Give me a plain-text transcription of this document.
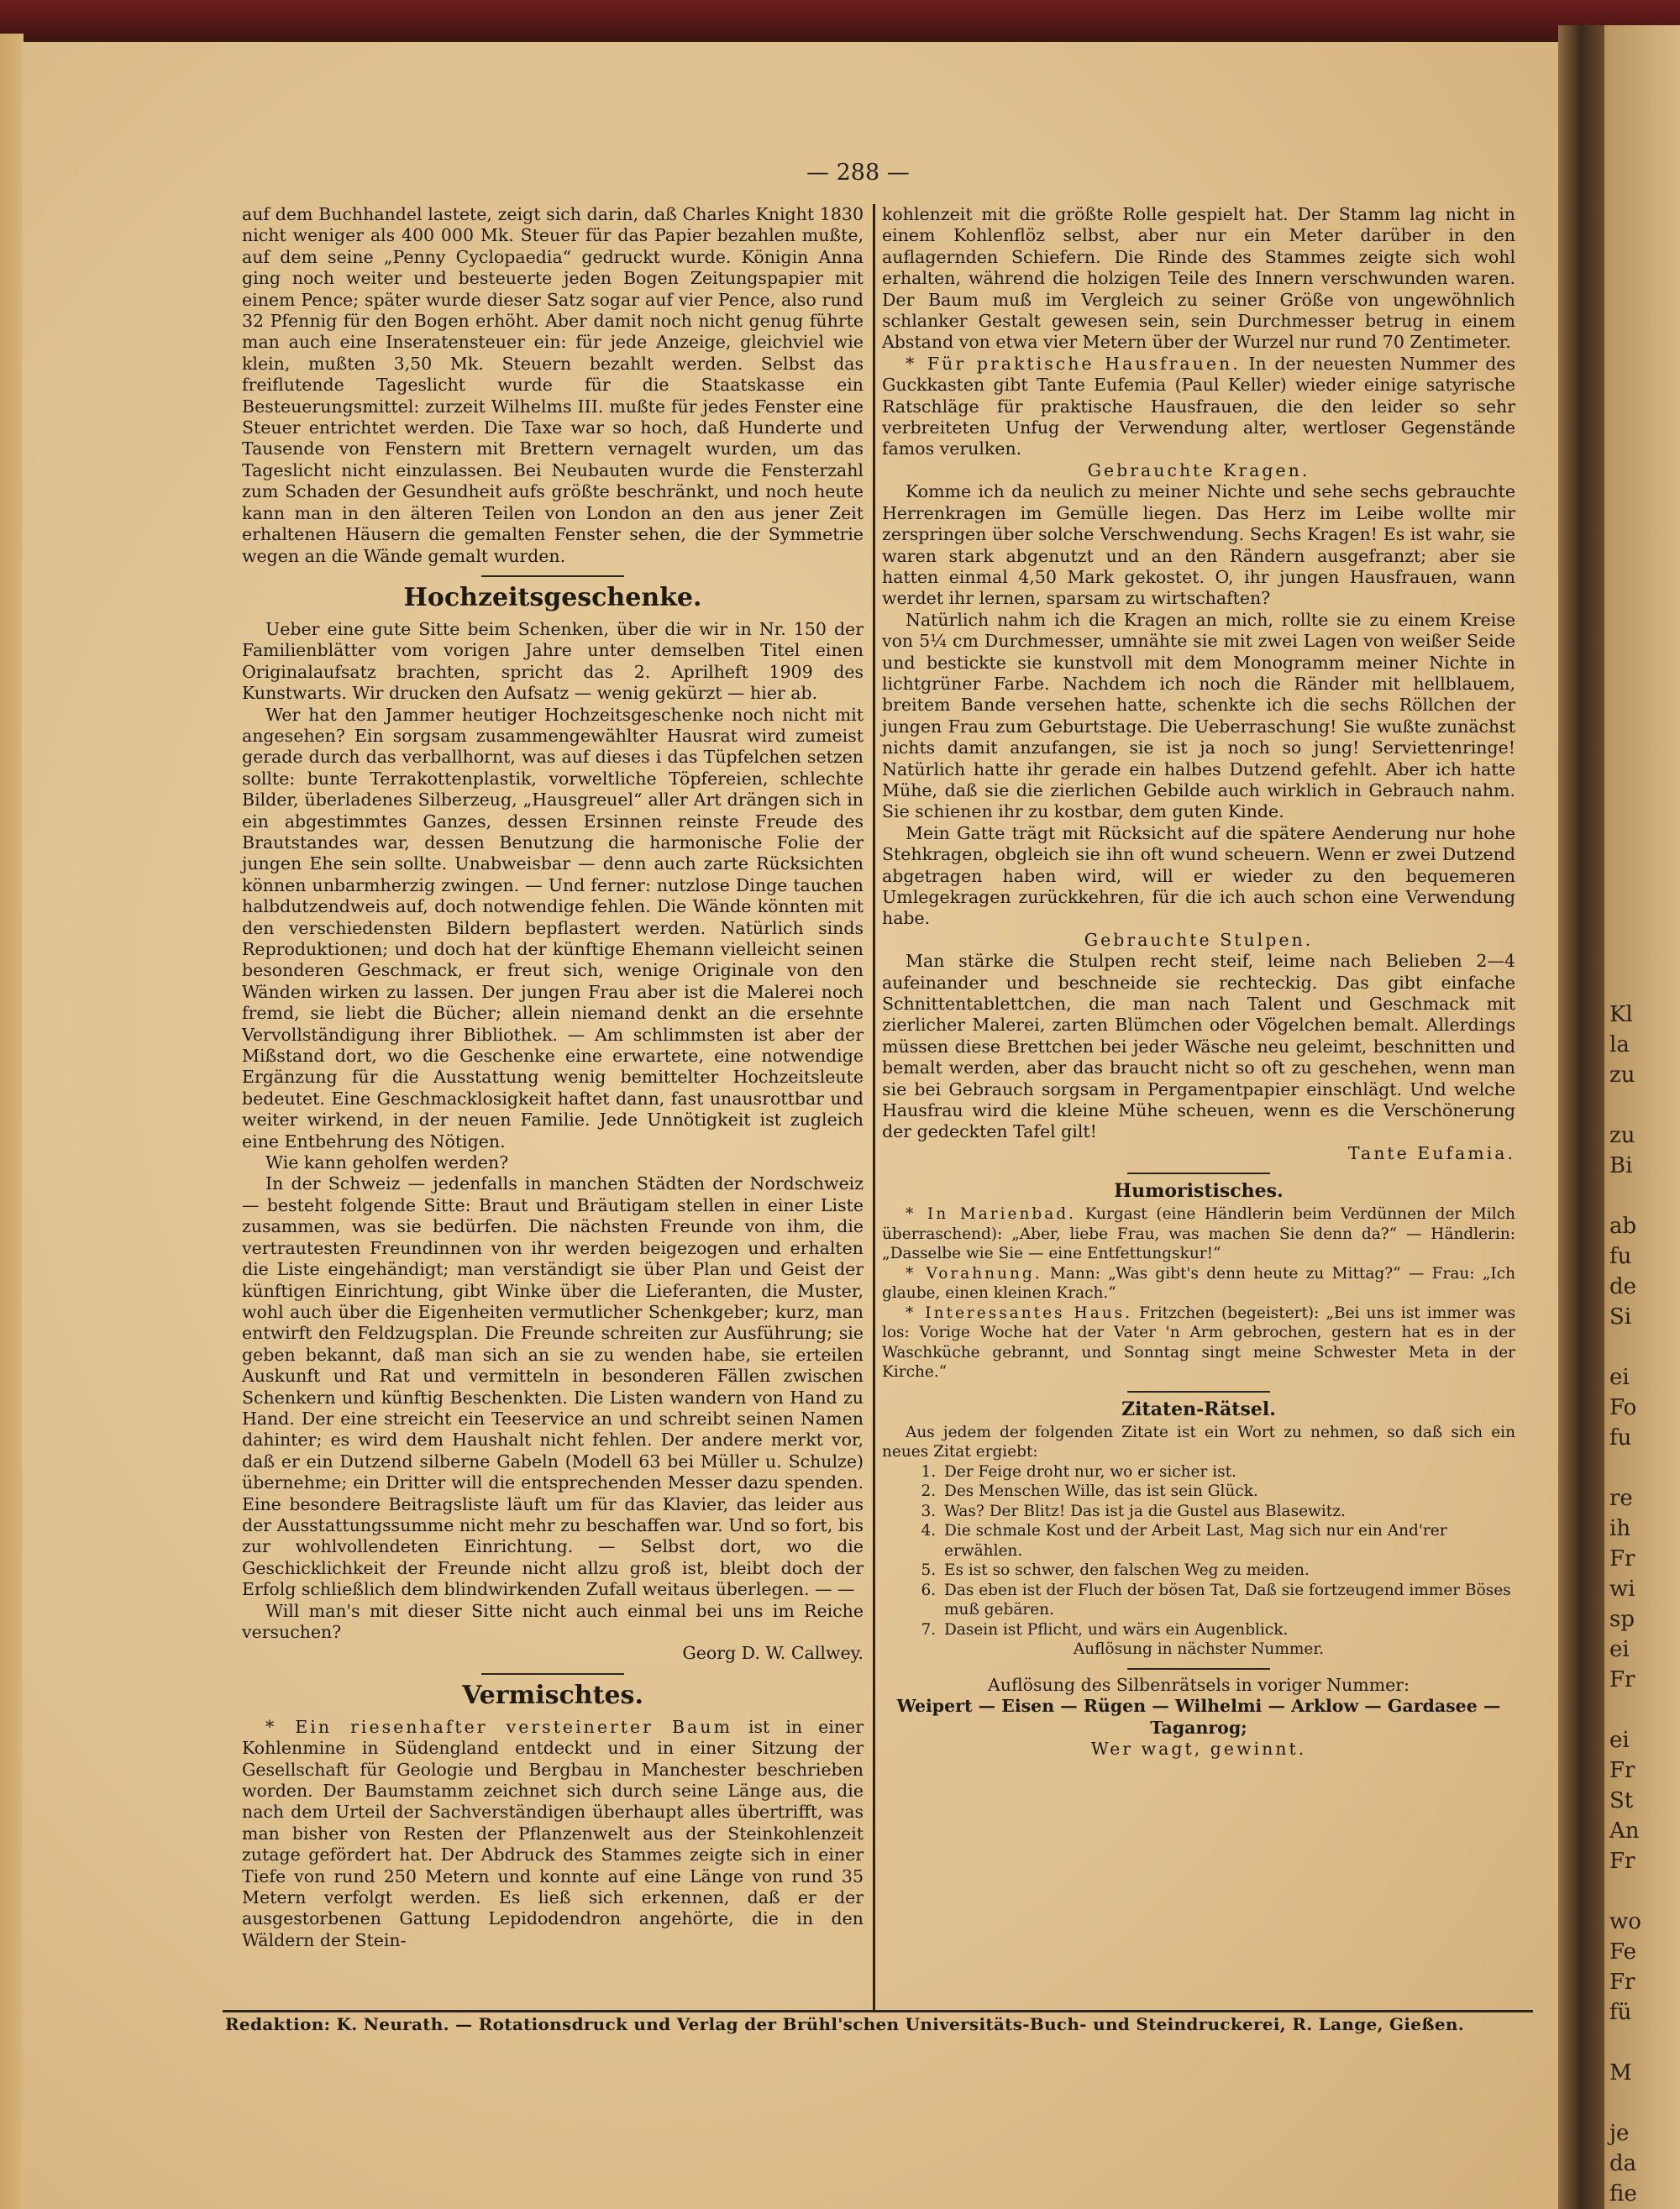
Kl
la
zu

zu
Bi

ab
fu
de
Si

ei
Fo
fu

re
ih
Fr
wi
sp
ei
Fr

ei
Fr
St
An
Fr

wo
Fe
Fr
fü

M

je
da
fie
— 288 —

auf dem Buchhandel lastete, zeigt sich darin, daß Charles Knight 1830 nicht weniger als 400 000 Mk. Steuer für das Papier bezahlen mußte, auf dem seine „Penny Cyclopaedia“ gedruckt wurde. Königin Anna ging noch weiter und besteuerte jeden Bogen Zeitungspapier mit einem Pence; später wurde dieser Satz sogar auf vier Pence, also rund 32 Pfennig für den Bogen erhöht. Aber damit noch nicht genug führte man auch eine Inseratensteuer ein: für jede Anzeige, gleichviel wie klein, mußten 3,50 Mk. Steuern bezahlt werden. Selbst das freiflutende Tageslicht wurde für die Staatskasse ein Besteuerungsmittel: zurzeit Wilhelms III. mußte für jedes Fenster eine Steuer entrichtet werden. Die Taxe war so hoch, daß Hunderte und Tausende von Fenstern mit Brettern vernagelt wurden, um das Tageslicht nicht einzulassen. Bei Neubauten wurde die Fensterzahl zum Schaden der Gesundheit aufs größte beschränkt, und noch heute kann man in den älteren Teilen von London an den aus jener Zeit erhaltenen Häusern die gemalten Fenster sehen, die der Symmetrie wegen an die Wände gemalt wurden.

Hochzeitsgeschenke.

Ueber eine gute Sitte beim Schenken, über die wir in Nr. 150 der Familienblätter vom vorigen Jahre unter demselben Titel einen Originalaufsatz brachten, spricht das 2. Aprilheft 1909 des Kunstwarts. Wir drucken den Aufsatz — wenig gekürzt — hier ab.

Wer hat den Jammer heutiger Hochzeitsgeschenke noch nicht mit angesehen? Ein sorgsam zusammengewählter Hausrat wird zumeist gerade durch das verballhornt, was auf dieses i das Tüpfelchen setzen sollte: bunte Terrakottenplastik, vorweltliche Töpfereien, schlechte Bilder, überladenes Silberzeug, „Hausgreuel“ aller Art drängen sich in ein abgestimmtes Ganzes, dessen Ersinnen reinste Freude des Brautstandes war, dessen Benutzung die harmonische Folie der jungen Ehe sein sollte. Unabweisbar — denn auch zarte Rücksichten können unbarmherzig zwingen. — Und ferner: nutzlose Dinge tauchen halbdutzendweis auf, doch notwendige fehlen. Die Wände könnten mit den verschiedensten Bildern bepflastert werden. Natürlich sinds Reproduktionen; und doch hat der künftige Ehemann vielleicht seinen besonderen Geschmack, er freut sich, wenige Originale von den Wänden wirken zu lassen. Der jungen Frau aber ist die Malerei noch fremd, sie liebt die Bücher; allein niemand denkt an die ersehnte Vervollständigung ihrer Bibliothek. — Am schlimmsten ist aber der Mißstand dort, wo die Geschenke eine erwartete, eine notwendige Ergänzung für die Ausstattung wenig bemittelter Hochzeitsleute bedeutet. Eine Geschmacklosigkeit haftet dann, fast unausrottbar und weiter wirkend, in der neuen Familie. Jede Unnötigkeit ist zugleich eine Entbehrung des Nötigen.

Wie kann geholfen werden?

In der Schweiz — jedenfalls in manchen Städten der Nordschweiz — besteht folgende Sitte: Braut und Bräutigam stellen in einer Liste zusammen, was sie bedürfen. Die nächsten Freunde von ihm, die vertrautesten Freundinnen von ihr werden beigezogen und erhalten die Liste eingehändigt; man verständigt sie über Plan und Geist der künftigen Einrichtung, gibt Winke über die Lieferanten, die Muster, wohl auch über die Eigenheiten vermutlicher Schenkgeber; kurz, man entwirft den Feldzugsplan. Die Freunde schreiten zur Ausführung; sie geben bekannt, daß man sich an sie zu wenden habe, sie erteilen Auskunft und Rat und vermitteln in besonderen Fällen zwischen Schenkern und künftig Beschenkten. Die Listen wandern von Hand zu Hand. Der eine streicht ein Teeservice an und schreibt seinen Namen dahinter; es wird dem Haushalt nicht fehlen. Der andere merkt vor, daß er ein Dutzend silberne Gabeln (Modell 63 bei Müller u. Schulze) übernehme; ein Dritter will die entsprechenden Messer dazu spenden. Eine besondere Beitragsliste läuft um für das Klavier, das leider aus der Ausstattungssumme nicht mehr zu beschaffen war. Und so fort, bis zur wohlvollendeten Einrichtung. — Selbst dort, wo die Geschicklichkeit der Freunde nicht allzu groß ist, bleibt doch der Erfolg schließlich dem blindwirkenden Zufall weitaus überlegen. — —

Will man's mit dieser Sitte nicht auch einmal bei uns im Reiche versuchen?

Georg D. W. Callwey.

Vermischtes.

* Ein riesenhafter versteinerter Baum ist in einer Kohlenmine in Südengland entdeckt und in einer Sitzung der Gesellschaft für Geologie und Bergbau in Manchester beschrieben worden. Der Baumstamm zeichnet sich durch seine Länge aus, die nach dem Urteil der Sachverständigen überhaupt alles übertrifft, was man bisher von Resten der Pflanzenwelt aus der Steinkohlenzeit zutage gefördert hat. Der Abdruck des Stammes zeigte sich in einer Tiefe von rund 250 Metern und konnte auf eine Länge von rund 35 Metern verfolgt werden. Es ließ sich erkennen, daß er der ausgestorbenen Gattung Lepidodendron angehörte, die in den Wäldern der Stein-

kohlenzeit mit die größte Rolle gespielt hat. Der Stamm lag nicht in einem Kohlenflöz selbst, aber nur ein Meter darüber in den auflagernden Schiefern. Die Rinde des Stammes zeigte sich wohl erhalten, während die holzigen Teile des Innern verschwunden waren. Der Baum muß im Vergleich zu seiner Größe von ungewöhnlich schlanker Gestalt gewesen sein, sein Durchmesser betrug in einem Abstand von etwa vier Metern über der Wurzel nur rund 70 Zentimeter.

* Für praktische Hausfrauen. In der neuesten Nummer des Guckkasten gibt Tante Eufemia (Paul Keller) wieder einige satyrische Ratschläge für praktische Hausfrauen, die den leider so sehr verbreiteten Unfug der Verwendung alter, wertloser Gegenstände famos verulken.

Gebrauchte Kragen.

Komme ich da neulich zu meiner Nichte und sehe sechs gebrauchte Herrenkragen im Gemülle liegen. Das Herz im Leibe wollte mir zerspringen über solche Verschwendung. Sechs Kragen! Es ist wahr, sie waren stark abgenutzt und an den Rändern ausgefranzt; aber sie hatten einmal 4,50 Mark gekostet. O, ihr jungen Hausfrauen, wann werdet ihr lernen, sparsam zu wirtschaften?

Natürlich nahm ich die Kragen an mich, rollte sie zu einem Kreise von 5¼ cm Durchmesser, umnähte sie mit zwei Lagen von weißer Seide und bestickte sie kunstvoll mit dem Monogramm meiner Nichte in lichtgrüner Farbe. Nachdem ich noch die Ränder mit hellblauem, breitem Bande versehen hatte, schenkte ich die sechs Röllchen der jungen Frau zum Geburtstage. Die Ueberraschung! Sie wußte zunächst nichts damit anzufangen, sie ist ja noch so jung! Serviettenringe! Natürlich hatte ihr gerade ein halbes Dutzend gefehlt. Aber ich hatte Mühe, daß sie die zierlichen Gebilde auch wirklich in Gebrauch nahm. Sie schienen ihr zu kostbar, dem guten Kinde.

Mein Gatte trägt mit Rücksicht auf die spätere Aenderung nur hohe Stehkragen, obgleich sie ihn oft wund scheuern. Wenn er zwei Dutzend abgetragen haben wird, will er wieder zu den bequemeren Umlegekragen zurückkehren, für die ich auch schon eine Verwendung habe.

Gebrauchte Stulpen.

Man stärke die Stulpen recht steif, leime nach Belieben 2—4 aufeinander und beschneide sie rechteckig. Das gibt einfache Schnittentablettchen, die man nach Talent und Geschmack mit zierlicher Malerei, zarten Blümchen oder Vögelchen bemalt. Allerdings müssen diese Brettchen bei jeder Wäsche neu geleimt, beschnitten und bemalt werden, aber das braucht nicht so oft zu geschehen, wenn man sie bei Gebrauch sorgsam in Pergamentpapier einschlägt. Und welche Hausfrau wird die kleine Mühe scheuen, wenn es die Verschönerung der gedeckten Tafel gilt!

Tante Eufamia.

Humoristisches.

* In Marienbad. Kurgast (eine Händlerin beim Verdünnen der Milch überraschend): „Aber, liebe Frau, was machen Sie denn da?“ — Händlerin: „Dasselbe wie Sie — eine Entfettungskur!“

* Vorahnung. Mann: „Was gibt's denn heute zu Mittag?“ — Frau: „Ich glaube, einen kleinen Krach.“

* Interessantes Haus. Fritzchen (begeistert): „Bei uns ist immer was los: Vorige Woche hat der Vater 'n Arm gebrochen, gestern hat es in der Waschküche gebrannt, und Sonntag singt meine Schwester Meta in der Kirche.“

Zitaten-Rätsel.

Aus jedem der folgenden Zitate ist ein Wort zu nehmen, so daß sich ein neues Zitat ergiebt:

1. Der Feige droht nur, wo er sicher ist.
2. Des Menschen Wille, das ist sein Glück.
3. Was? Der Blitz! Das ist ja die Gustel aus Blasewitz.
4. Die schmale Kost und der Arbeit Last, Mag sich nur ein And'rer erwählen.
5. Es ist so schwer, den falschen Weg zu meiden.
6. Das eben ist der Fluch der bösen Tat, Daß sie fortzeugend immer Böses muß gebären.
7. Dasein ist Pflicht, und wärs ein Augenblick.

Auflösung in nächster Nummer.

Auflösung des Silbenrätsels in voriger Nummer:

Weipert — Eisen — Rügen — Wilhelmi — Arklow — Gardasee — Taganrog;

Wer wagt, gewinnt.

Redaktion: K. Neurath. — Rotationsdruck und Verlag der Brühl'schen Universitäts-Buch- und Steindruckerei, R. Lange, Gießen.
